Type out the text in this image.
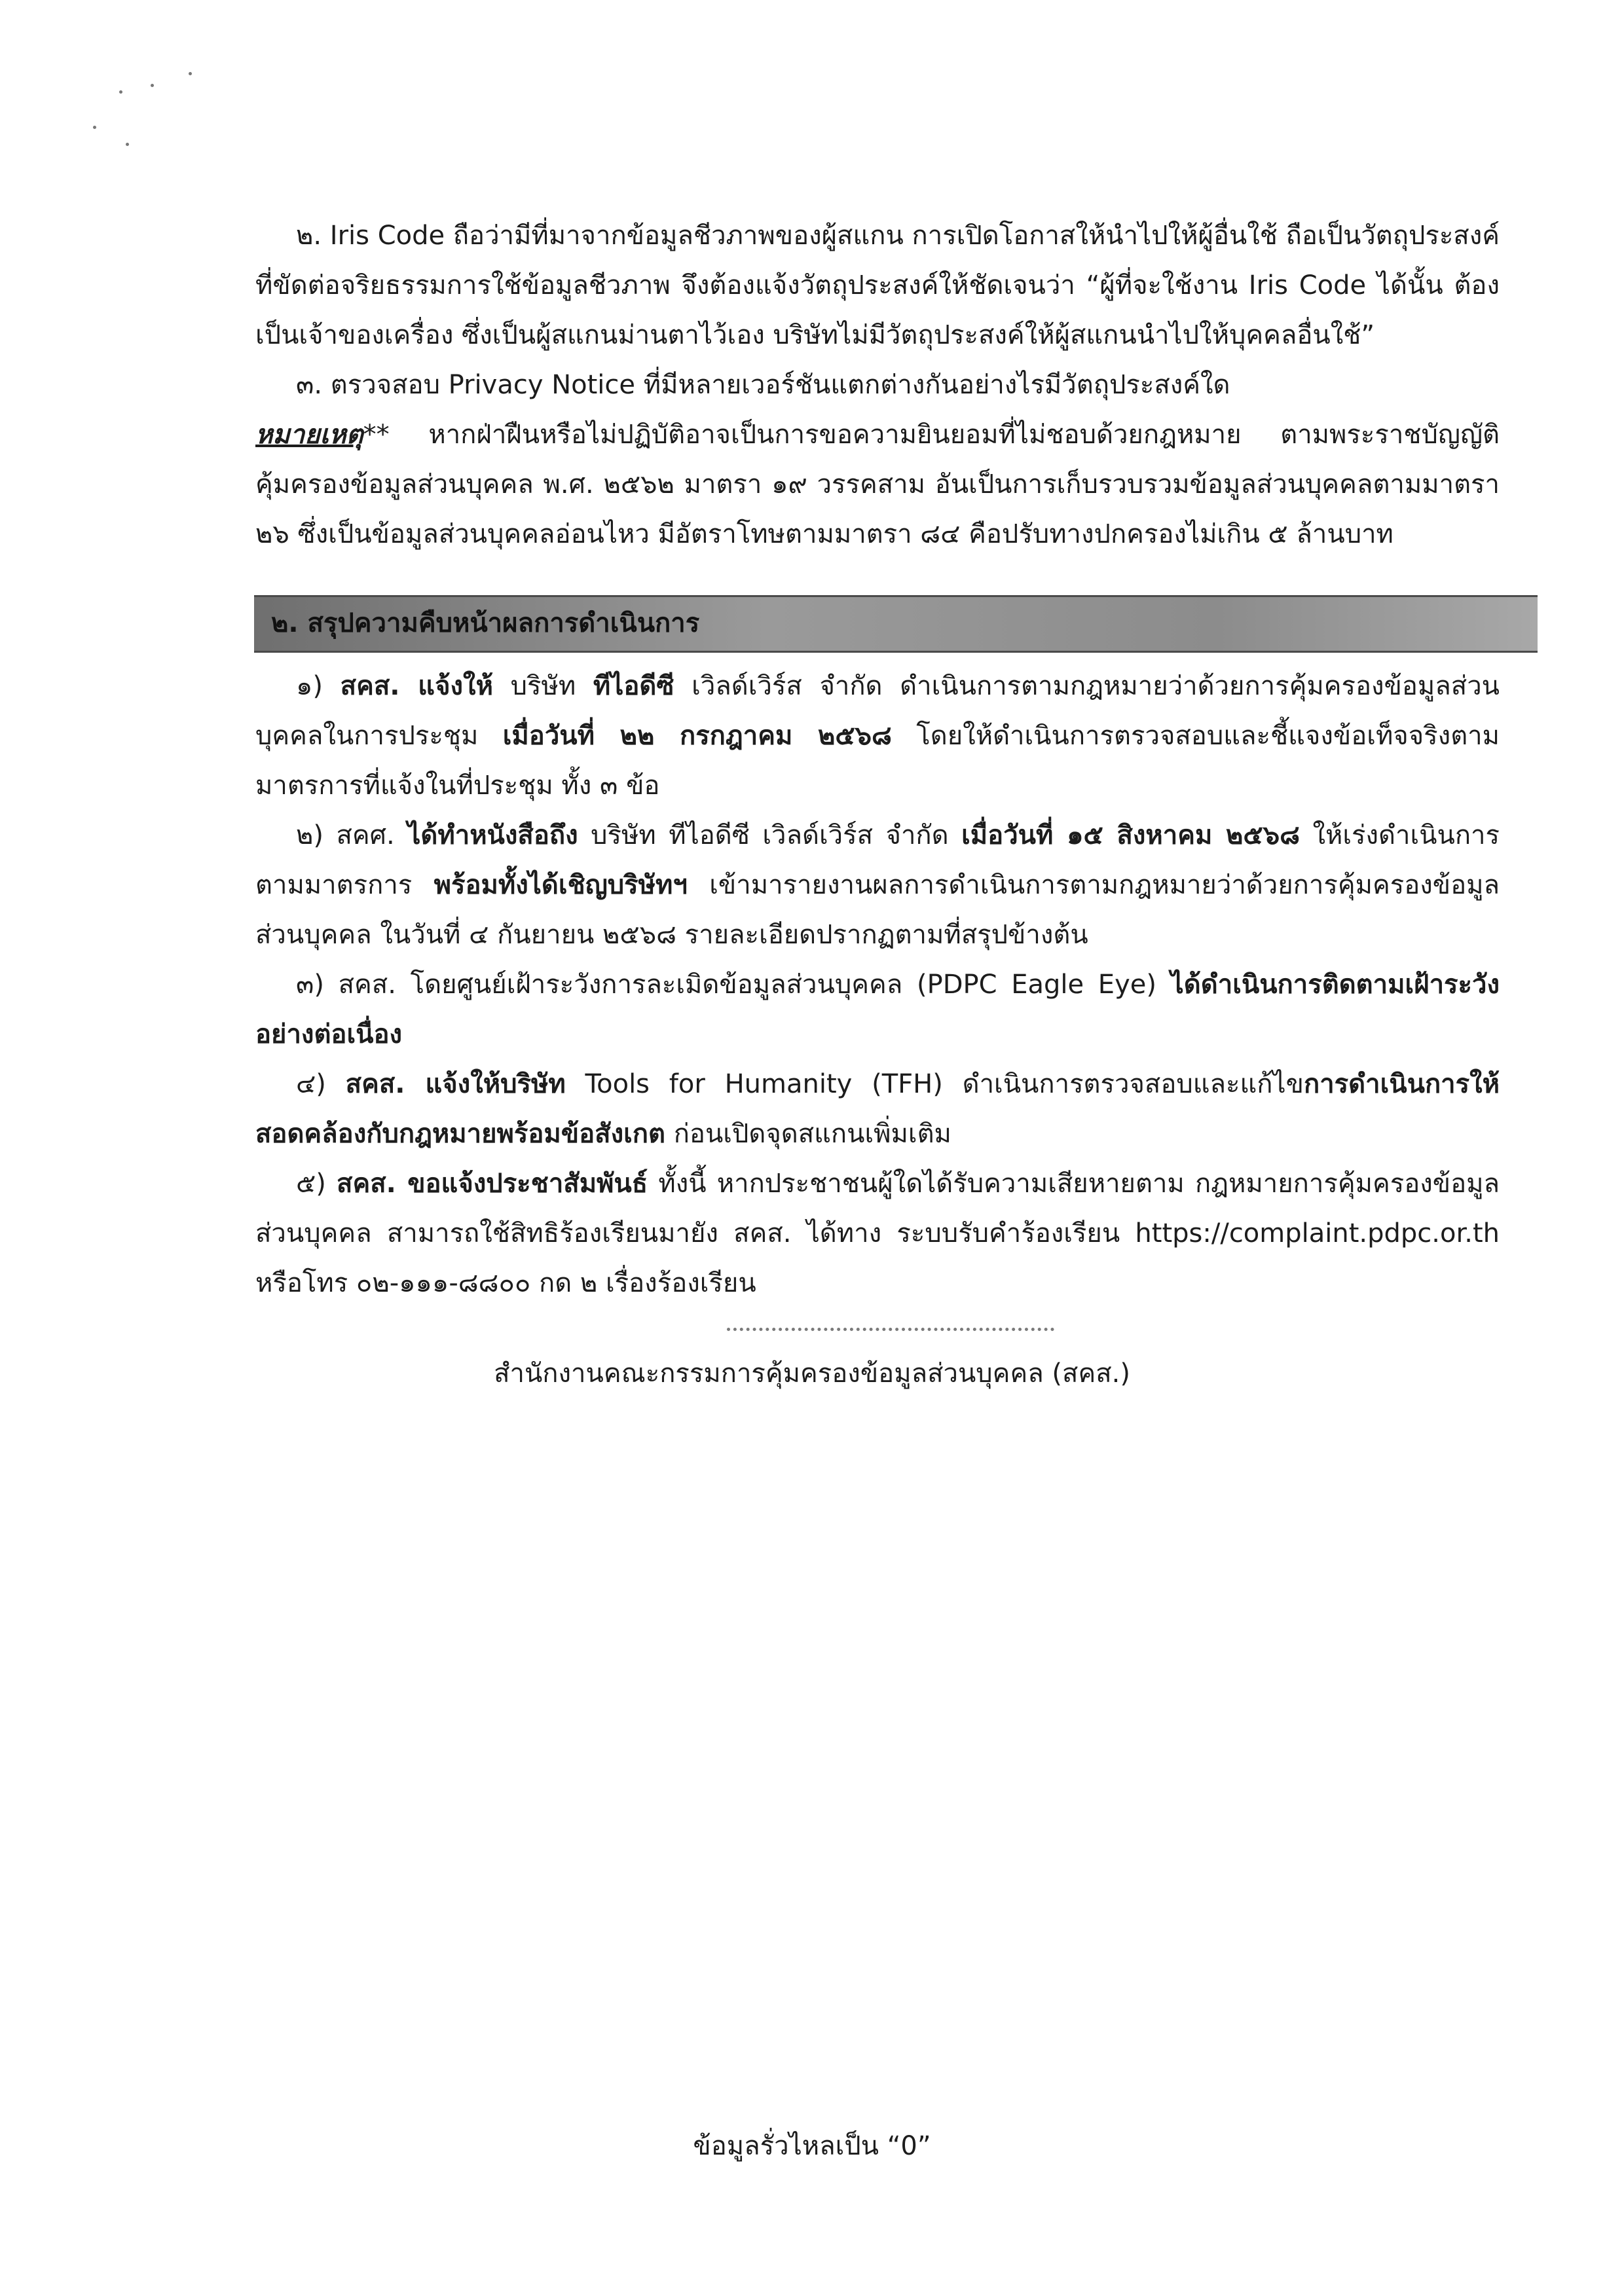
๒. Iris Code ถือว่ามีที่มาจากข้อมูลชีวภาพของผู้สแกน การเปิดโอกาสให้นำไปให้ผู้อื่นใช้ ถือเป็นวัตถุประสงค์ที่ขัดต่อจริยธรรมการใช้ข้อมูลชีวภาพ จึงต้องแจ้งวัตถุประสงค์ให้ชัดเจนว่า “ผู้ที่จะใช้งาน Iris Code ได้นั้น ต้องเป็นเจ้าของเครื่อง ซึ่งเป็นผู้สแกนม่านตาไว้เอง บริษัทไม่มีวัตถุประสงค์ให้ผู้สแกนนำไปให้บุคคลอื่นใช้”

๓. ตรวจสอบ Privacy Notice ที่มีหลายเวอร์ชันแตกต่างกันอย่างไรมีวัตถุประสงค์ใด

หมายเหตุ** หากฝ่าฝืนหรือไม่ปฏิบัติอาจเป็นการขอความยินยอมที่ไม่ชอบด้วยกฎหมาย ตามพระราชบัญญัติคุ้มครองข้อมูลส่วนบุคคล พ.ศ. ๒๕๖๒ มาตรา ๑๙ วรรคสาม อันเป็นการเก็บรวบรวมข้อมูลส่วนบุคคลตามมาตรา ๒๖ ซึ่งเป็นข้อมูลส่วนบุคคลอ่อนไหว มีอัตราโทษตามมาตรา ๘๔ คือปรับทางปกครองไม่เกิน ๕ ล้านบาท

๒. สรุปความคืบหน้าผลการดำเนินการ

๑) สคส. แจ้งให้ บริษัท ทีไอดีซี เวิลด์เวิร์ส จำกัด ดำเนินการตามกฎหมายว่าด้วยการคุ้มครองข้อมูลส่วนบุคคลในการประชุม เมื่อวันที่ ๒๒ กรกฎาคม ๒๕๖๘ โดยให้ดำเนินการตรวจสอบและชี้แจงข้อเท็จจริงตามมาตรการที่แจ้งในที่ประชุม ทั้ง ๓ ข้อ

๒) สคศ. ได้ทำหนังสือถึง บริษัท ทีไอดีซี เวิลด์เวิร์ส จำกัด เมื่อวันที่ ๑๕ สิงหาคม ๒๕๖๘ ให้เร่งดำเนินการตามมาตรการ พร้อมทั้งได้เชิญบริษัทฯ เข้ามารายงานผลการดำเนินการตามกฎหมายว่าด้วยการคุ้มครองข้อมูลส่วนบุคคล ในวันที่ ๔ กันยายน ๒๕๖๘ รายละเอียดปรากฏตามที่สรุปข้างต้น

๓) สคส. โดยศูนย์เฝ้าระวังการละเมิดข้อมูลส่วนบุคคล (PDPC Eagle Eye) ได้ดำเนินการติดตามเฝ้าระวังอย่างต่อเนื่อง

๔) สคส. แจ้งให้บริษัท Tools for Humanity (TFH) ดำเนินการตรวจสอบและแก้ไขการดำเนินการให้สอดคล้องกับกฎหมายพร้อมข้อสังเกต ก่อนเปิดจุดสแกนเพิ่มเติม

๕) สคส. ขอแจ้งประชาสัมพันธ์ ทั้งนี้ หากประชาชนผู้ใดได้รับความเสียหายตาม กฎหมายการคุ้มครองข้อมูลส่วนบุคคล สามารถใช้สิทธิร้องเรียนมายัง สคส. ได้ทาง ระบบรับคำร้องเรียน https://complaint.pdpc.or.th หรือโทร ๐๒-๑๑๑-๘๘๐๐ กด ๒ เรื่องร้องเรียน

สำนักงานคณะกรรมการคุ้มครองข้อมูลส่วนบุคคล (สคส.)

ข้อมูลรั่วไหลเป็น “0”
